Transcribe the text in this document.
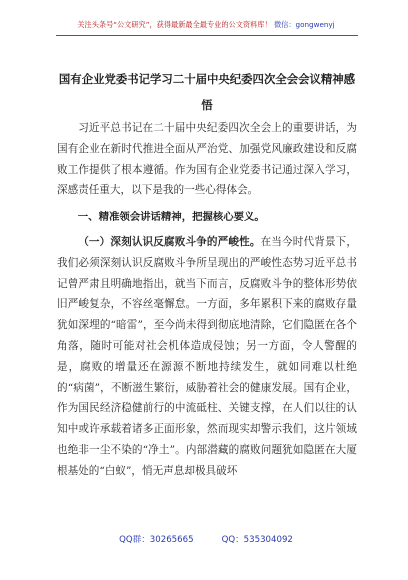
关注头条号“公文研究”，获得最新最全最专业的公文资料库！ 微信：gongwenyj
国有企业党委书记学习二十届中央纪委四次全会会议精神感悟

习近平总书记在二十届中央纪委四次全会上的重要讲话，为国有企业在新时代推进全面从严治党、加强党风廉政建设和反腐败工作提供了根本遵循。作为国有企业党委书记通过深入学习，深感责任重大，以下是我的一些心得体会。

一、精准领会讲话精神，把握核心要义。

（一）深刻认识反腐败斗争的严峻性。在当今时代背景下，我们必须深刻认识反腐败斗争所呈现出的严峻性态势习近平总书记曾严肃且明确地指出，就当下而言，反腐败斗争的整体形势依旧严峻复杂，不容丝毫懈怠。一方面，多年累积下来的腐败存量犹如深埋的“暗雷”，至今尚未得到彻底地清除，它们隐匿在各个角落，随时可能对社会机体造成侵蚀；另一方面，令人警醒的是，腐败的增量还在源源不断地持续发生，就如同难以杜绝的“病菌”，不断滋生繁衍，威胁着社会的健康发展。国有企业，作为国民经济稳健前行的中流砥柱、关键支撑，在人们以往的认知中或许承载着诸多正面形象，然而现实却警示我们，这片领域也绝非一尘不染的“净土”。内部潜藏的腐败问题犹如隐匿在大厦根基处的“白蚁”，悄无声息却极具破坏

QQ群：30265665	QQ：535304092
